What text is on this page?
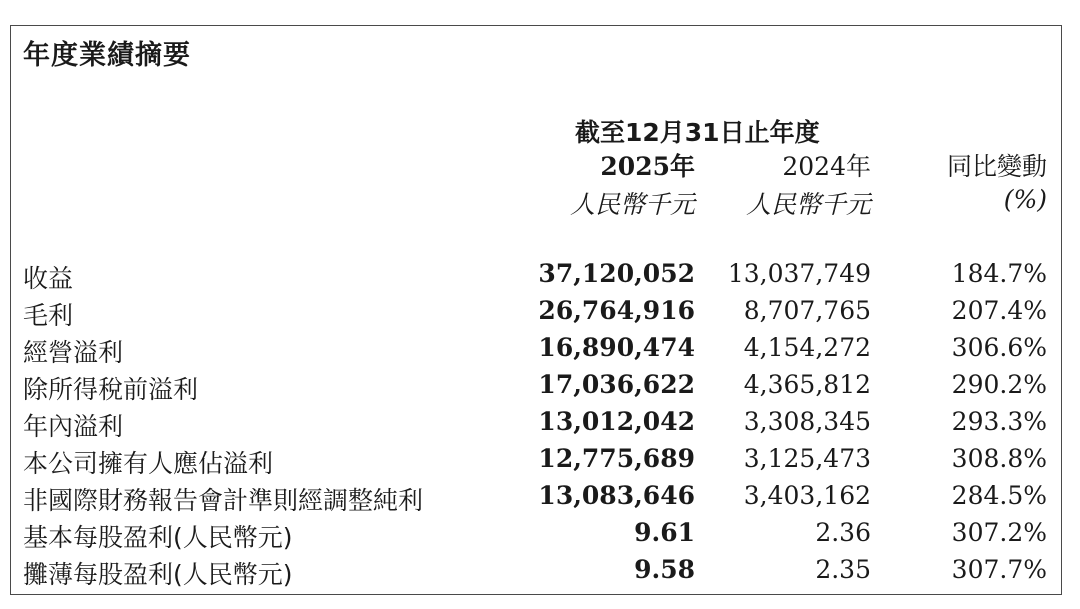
年度業績摘要
截至12月31日止年度
2025年	2024年	同比變動
人民幣千元 人民幣千元	(%)
收益	37,120,052 13,037,749	184.7%
毛利	26,764,916 8,707,765	207.4%
經營溢利	16,890,474 4,154,272	306.6%
除所得稅前溢利	17,036,622 4,365,812	290.2%
年內溢利	13,012,042 3,308,345	293.3%
本公司擁有人應佔溢利	12,775,689 3,125,473	308.8%
非國際財務報告會計準則經調整純利	13,083,646 3,403,162	284.5%
基本每股盈利(人民幣元)	9.61	2.36	307.2%
攤薄每股盈利(人民幣元)	9.58	2.35	307.7%
